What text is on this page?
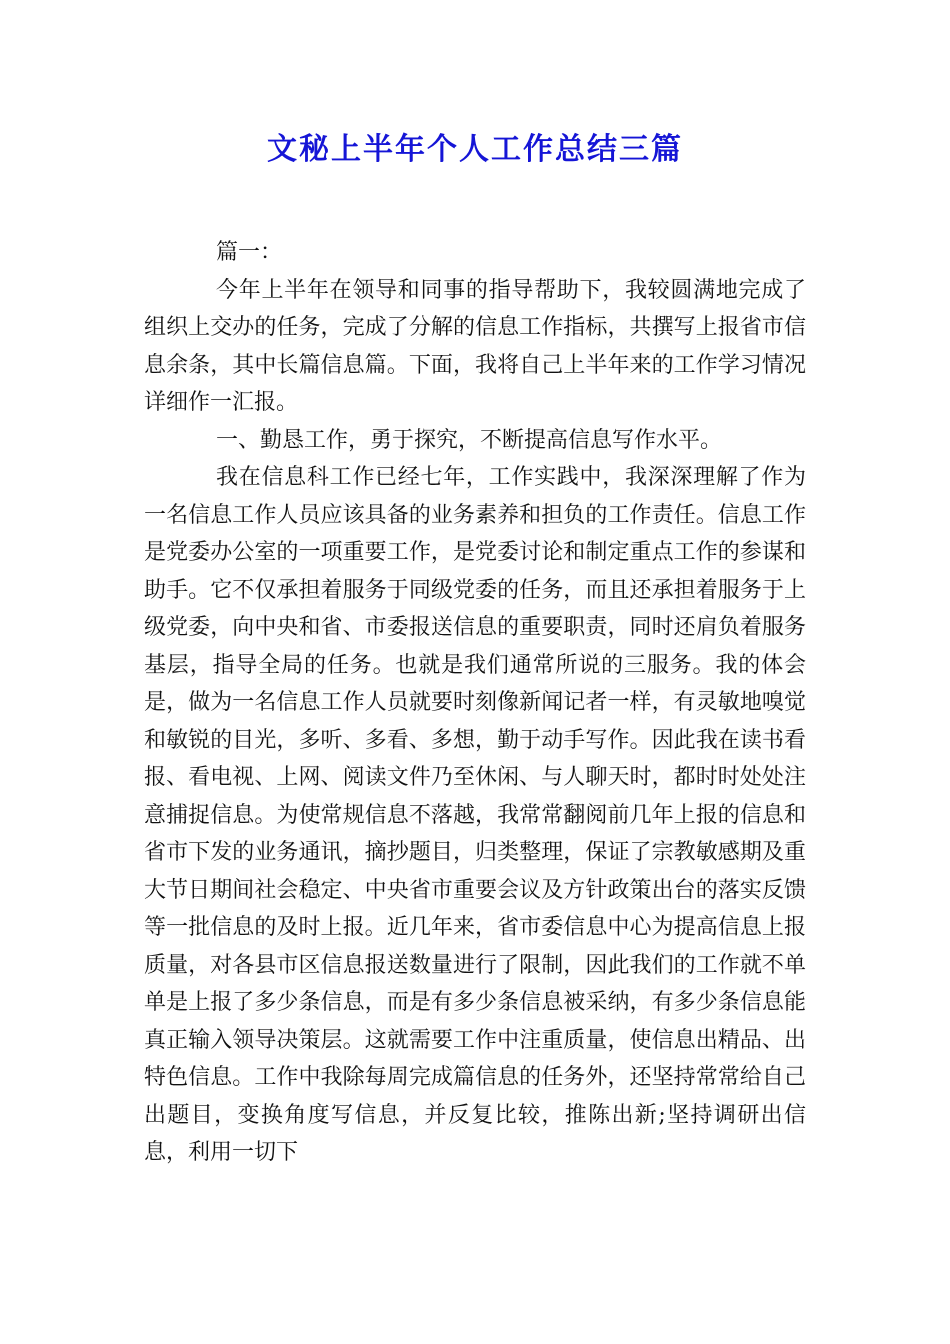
文秘上半年个人工作总结三篇

篇一：

今年上半年在领导和同事的指导帮助下，我较圆满地完成了组织上交办的任务，完成了分解的信息工作指标，共撰写上报省市信息余条，其中长篇信息篇。下面，我将自己上半年来的工作学习情况详细作一汇报。

一、勤恳工作，勇于探究，不断提高信息写作水平。

我在信息科工作已经七年，工作实践中，我深深理解了作为一名信息工作人员应该具备的业务素养和担负的工作责任。信息工作是党委办公室的一项重要工作，是党委讨论和制定重点工作的参谋和助手。它不仅承担着服务于同级党委的任务，而且还承担着服务于上级党委，向中央和省、市委报送信息的重要职责，同时还肩负着服务基层，指导全局的任务。也就是我们通常所说的三服务。我的体会是，做为一名信息工作人员就要时刻像新闻记者一样，有灵敏地嗅觉和敏锐的目光，多听、多看、多想，勤于动手写作。因此我在读书看报、看电视、上网、阅读文件乃至休闲、与人聊天时，都时时处处注意捕捉信息。为使常规信息不落越，我常常翻阅前几年上报的信息和省市下发的业务通讯，摘抄题目，归类整理，保证了宗教敏感期及重大节日期间社会稳定、中央省市重要会议及方针政策出台的落实反馈等一批信息的及时上报。近几年来，省市委信息中心为提高信息上报质量，对各县市区信息报送数量进行了限制，因此我们的工作就不单单是上报了多少条信息，而是有多少条信息被采纳，有多少条信息能真正输入领导决策层。这就需要工作中注重质量，使信息出精品、出特色信息。工作中我除每周完成篇信息的任务外，还坚持常常给自己出题目，变换角度写信息，并反复比较，推陈出新;坚持调研出信息，利用一切下
